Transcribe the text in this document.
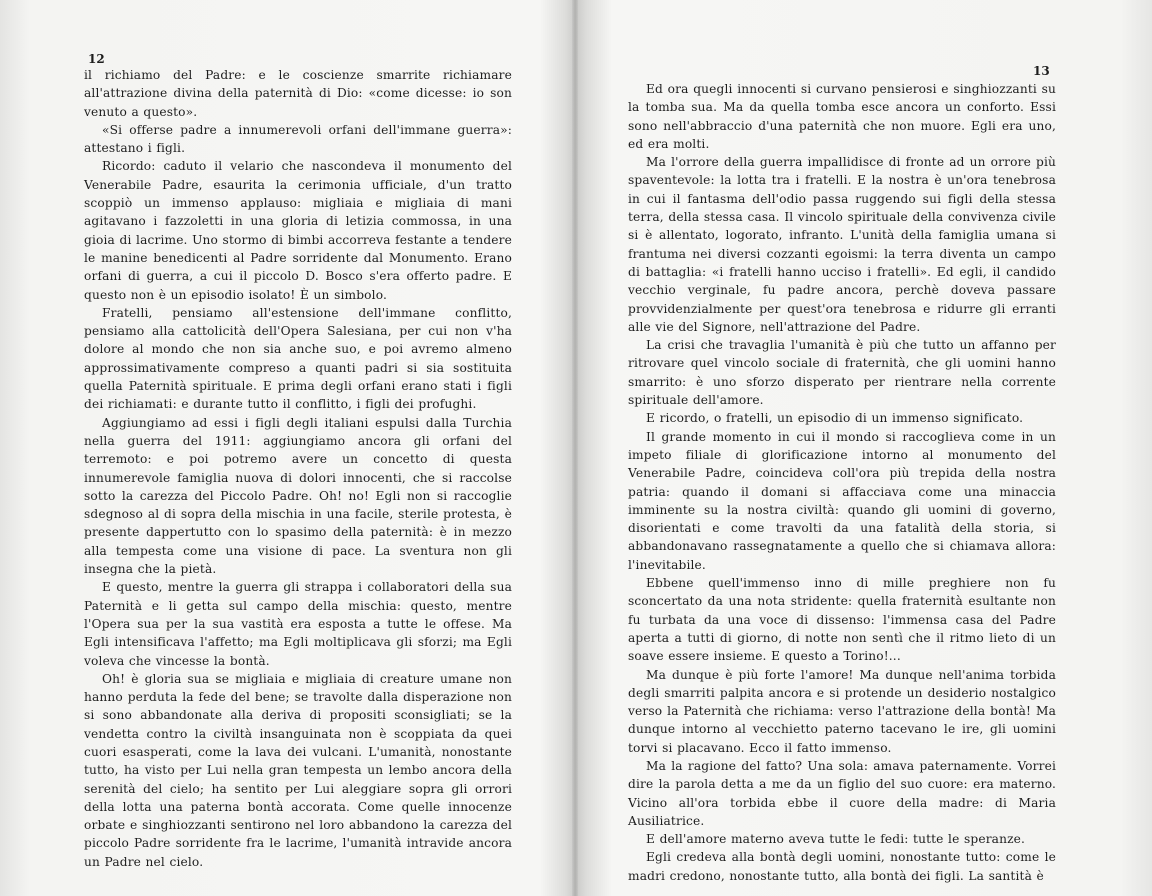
12

il richiamo del Padre: e le coscienze smarrite richiamare all'attrazione divina della paternità di Dio: «come dicesse: io son venuto a questo».

«Si offerse padre a innumerevoli orfani dell'immane guerra»: attestano i figli.

Ricordo: caduto il velario che nascondeva il monumento del Venerabile Padre, esaurita la cerimonia ufficiale, d'un tratto scoppiò un immenso applauso: migliaia e migliaia di mani agitavano i fazzoletti in una gloria di letizia commossa, in una gioia di lacrime. Uno stormo di bimbi accorreva festante a tendere le manine benedicenti al Padre sorridente dal Monumento. Erano orfani di guerra, a cui il piccolo D. Bosco s'era offerto padre. E questo non è un episodio isolato! È un simbolo.

Fratelli, pensiamo all'estensione dell'immane conflitto, pensiamo alla cattolicità dell'Opera Salesiana, per cui non v'ha dolore al mondo che non sia anche suo, e poi avremo almeno approssimativamente compreso a quanti padri si sia sostituita quella Paternità spirituale. E prima degli orfani erano stati i figli dei richiamati: e durante tutto il conflitto, i figli dei profughi.

Aggiungiamo ad essi i figli degli italiani espulsi dalla Turchia nella guerra del 1911: aggiungiamo ancora gli orfani del terremoto: e poi potremo avere un concetto di questa innumerevole famiglia nuova di dolori innocenti, che si raccolse sotto la carezza del Piccolo Padre. Oh! no! Egli non si raccoglie sdegnoso al di sopra della mischia in una facile, sterile protesta, è presente dappertutto con lo spasimo della paternità: è in mezzo alla tempesta come una visione di pace. La sventura non gli insegna che la pietà.

E questo, mentre la guerra gli strappa i collaboratori della sua Paternità e li getta sul campo della mischia: questo, mentre l'Opera sua per la sua vastità era esposta a tutte le offese. Ma Egli intensificava l'affetto; ma Egli moltiplicava gli sforzi; ma Egli voleva che vincesse la bontà.

Oh! è gloria sua se migliaia e migliaia di creature umane non hanno perduta la fede del bene; se travolte dalla disperazione non si sono abbandonate alla deriva di propositi sconsigliati; se la vendetta contro la civiltà insanguinata non è scoppiata da quei cuori esasperati, come la lava dei vulcani. L'umanità, nonostante tutto, ha visto per Lui nella gran tempesta un lembo ancora della serenità del cielo; ha sentito per Lui aleggiare sopra gli orrori della lotta una paterna bontà accorata. Come quelle innocenze orbate e singhiozzanti sentirono nel loro abbandono la carezza del piccolo Padre sorridente fra le lacrime, l'umanità intravide ancora un Padre nel cielo.

13

Ed ora quegli innocenti si curvano pensierosi e singhiozzanti su la tomba sua. Ma da quella tomba esce ancora un conforto. Essi sono nell'abbraccio d'una paternità che non muore. Egli era uno, ed era molti.

Ma l'orrore della guerra impallidisce di fronte ad un orrore più spaventevole: la lotta tra i fratelli. E la nostra è un'ora tenebrosa in cui il fantasma dell'odio passa ruggendo sui figli della stessa terra, della stessa casa. Il vincolo spirituale della convivenza civile si è allentato, logorato, infranto. L'unità della famiglia umana si frantuma nei diversi cozzanti egoismi: la terra diventa un campo di battaglia: «i fratelli hanno ucciso i fratelli». Ed egli, il candido vecchio verginale, fu padre ancora, perchè doveva passare provvidenzialmente per quest'ora tenebrosa e ridurre gli erranti alle vie del Signore, nell'attrazione del Padre.

La crisi che travaglia l'umanità è più che tutto un affanno per ritrovare quel vincolo sociale di fraternità, che gli uomini hanno smarrito: è uno sforzo disperato per rientrare nella corrente spirituale dell'amore.

E ricordo, o fratelli, un episodio di un immenso significato.

Il grande momento in cui il mondo si raccoglieva come in un impeto filiale di glorificazione intorno al monumento del Venerabile Padre, coincideva coll'ora più trepida della nostra patria: quando il domani si affacciava come una minaccia imminente su la nostra civiltà: quando gli uomini di governo, disorientati e come travolti da una fatalità della storia, si abbandonavano rassegnatamente a quello che si chiamava allora: l'inevitabile.

Ebbene quell'immenso inno di mille preghiere non fu sconcertato da una nota stridente: quella fraternità esultante non fu turbata da una voce di dissenso: l'immensa casa del Padre aperta a tutti di giorno, di notte non sentì che il ritmo lieto di un soave essere insieme. E questo a Torino!...

Ma dunque è più forte l'amore! Ma dunque nell'anima torbida degli smarriti palpita ancora e si protende un desiderio nostalgico verso la Paternità che richiama: verso l'attrazione della bontà! Ma dunque intorno al vecchietto paterno tacevano le ire, gli uomini torvi si placavano. Ecco il fatto immenso.

Ma la ragione del fatto? Una sola: amava paternamente. Vorrei dire la parola detta a me da un figlio del suo cuore: era materno. Vicino all'ora torbida ebbe il cuore della madre: di Maria Ausiliatrice.

E dell'amore materno aveva tutte le fedi: tutte le speranze.

Egli credeva alla bontà degli uomini, nonostante tutto: come le madri credono, nonostante tutto, alla bontà dei figli. La santità è
